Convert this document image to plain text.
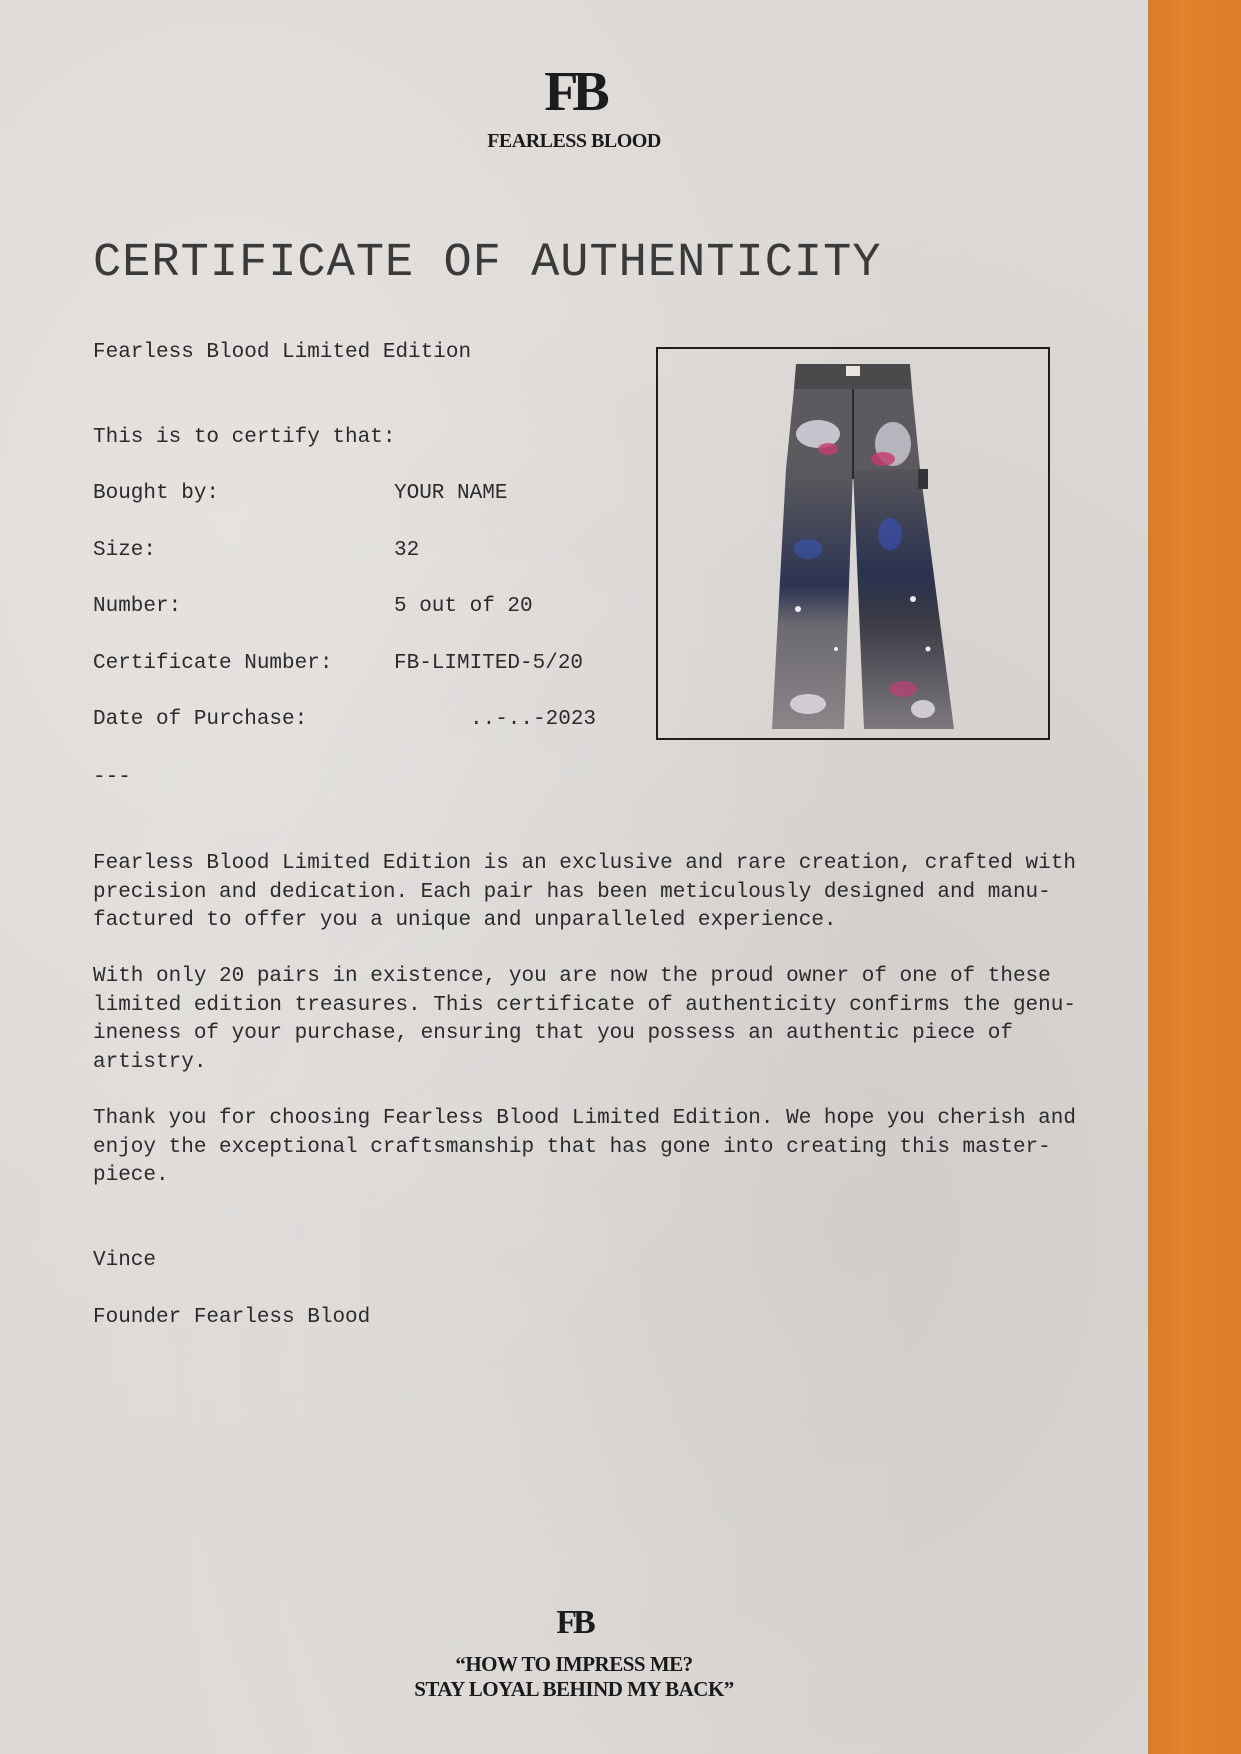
FB
FEARLESS BLOOD
CERTIFICATE OF AUTHENTICITY
Fearless Blood Limited Edition
This is to certify that:
Bought by:	YOUR NAME
Size:	32
Number:	5 out of 20
Certificate Number:	FB-LIMITED-5/20
Date of Purchase:	..-..-2023
---

Fearless Blood Limited Edition is an exclusive and rare creation, crafted with
precision and dedication. Each pair has been meticulously designed and manu-
factured to offer you a unique and unparalleled experience.

With only 20 pairs in existence, you are now the proud owner of one of these
limited edition treasures. This certificate of authenticity confirms the genu-
ineness of your purchase, ensuring that you possess an authentic piece of
artistry.

Thank you for choosing Fearless Blood Limited Edition. We hope you cherish and
enjoy the exceptional craftsmanship that has gone into creating this master-
piece.

Vince
Founder Fearless Blood
FB
“HOW TO IMPRESS ME?
STAY LOYAL BEHIND MY BACK”
